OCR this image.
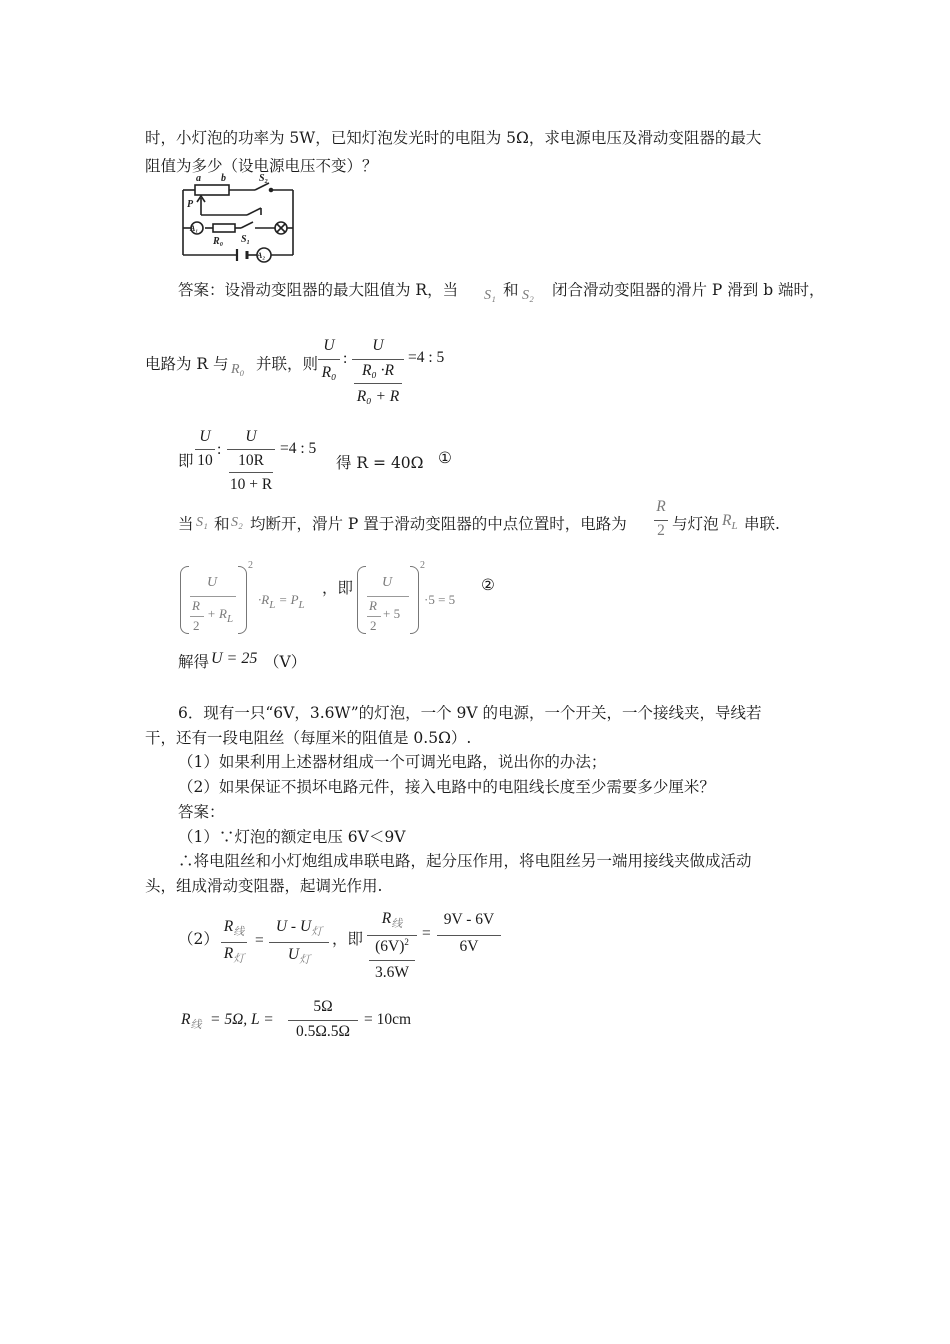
时，小灯泡的功率为 5W，已知灯泡发光时的电阻为 5Ω，求电源电压及滑动变阻器的最大
阻值为多少（设电源电压不变）？
a b	S₂
P
A₁
R₀ S₁
A₂
答案：设滑动变阻器的最大阻值为 R，当 S₁ 和 S₂ 闭合滑动变阻器的滑片 P 滑到 b 端时，
电路为 R 与 R₀ 并联，则
U
R₀
:
U
R₀ ·R
R₀ + R
=4 : 5
即
U
10
:
U
10R
10 + R
=4 : 5
得 R = 40Ω ①
当 S₁ 和 S₂ 均断开，滑片 P 置于滑动变阻器的中点位置时，电路为
R
2 与灯泡 $R_L$ 串联.
U
R
2
+ $R_L$
2
$\cdot R_L = P_L$
，即	U
R
2
+ 5
2
·5 = 5
②
解得 U = 25 （V）
6．现有一只“6V，3.6W”的灯泡，一个 9V 的电源，一个开关，一个接线夹，导线若
干，还有一段电阻丝（每厘米的阻值是 0.5Ω）.
（1）如果利用上述器材组成一个可调光电路，说出你的办法；
（2）如果保证不损坏电路元件，接入电路中的电阻线长度至少需要多少厘米？
答案：
（1）∵灯泡的额定电压 6V＜9V
∴将电阻丝和小灯炮组成串联电路，起分压作用，将电阻丝另一端用接线夹做成活动
头，组成滑动变阻器，起调光作用.
（2）
$R_线$
$R_灯$
=
U - $U_灯$
$U_灯$
，即
$R_线$
$(6V)^2$
3.6W
=
9V - 6V
6V
$R_线 = 5\Omega$, L =
5Ω
0.5Ω.5Ω
= 10cm
